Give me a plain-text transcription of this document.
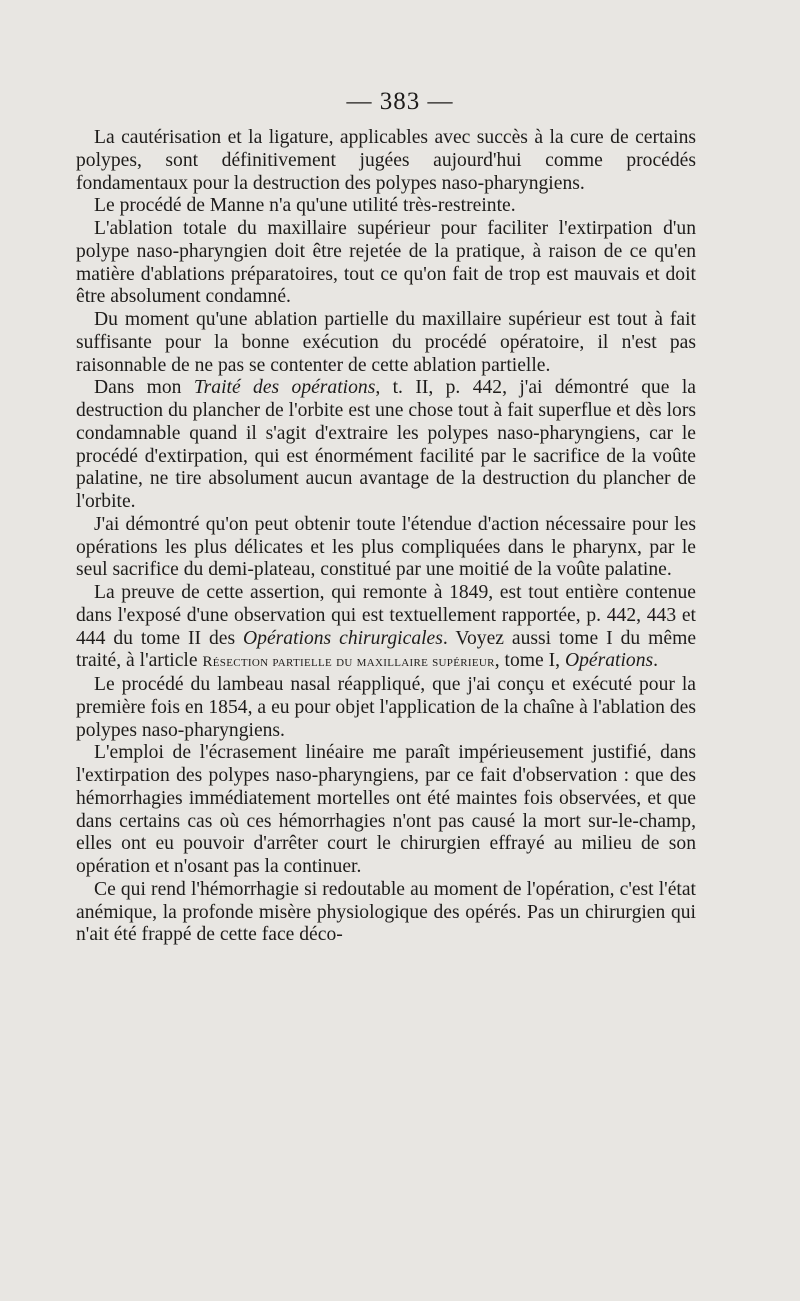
— 383 —

La cautérisation et la ligature, applicables avec succès à la cure de certains polypes, sont définitivement jugées aujourd'hui comme procédés fondamentaux pour la destruction des polypes naso-pharyngiens.

Le procédé de Manne n'a qu'une utilité très-restreinte.

L'ablation totale du maxillaire supérieur pour faciliter l'extirpation d'un polype naso-pharyngien doit être rejetée de la pratique, à raison de ce qu'en matière d'ablations préparatoires, tout ce qu'on fait de trop est mauvais et doit être absolument condamné.

Du moment qu'une ablation partielle du maxillaire supérieur est tout à fait suffisante pour la bonne exécution du procédé opératoire, il n'est pas raisonnable de ne pas se contenter de cette ablation partielle.

Dans mon Traité des opérations, t. II, p. 442, j'ai démontré que la destruction du plancher de l'orbite est une chose tout à fait superflue et dès lors condamnable quand il s'agit d'extraire les polypes naso-pharyngiens, car le procédé d'extirpation, qui est énormément facilité par le sacrifice de la voûte palatine, ne tire absolument aucun avantage de la destruction du plancher de l'orbite.

J'ai démontré qu'on peut obtenir toute l'étendue d'action nécessaire pour les opérations les plus délicates et les plus compliquées dans le pharynx, par le seul sacrifice du demi-plateau, constitué par une moitié de la voûte palatine.

La preuve de cette assertion, qui remonte à 1849, est tout entière contenue dans l'exposé d'une observation qui est textuellement rapportée, p. 442, 443 et 444 du tome II des Opérations chirurgicales. Voyez aussi tome I du même traité, à l'article Résection partielle du maxillaire supérieur, tome I, Opérations.

Le procédé du lambeau nasal réappliqué, que j'ai conçu et exécuté pour la première fois en 1854, a eu pour objet l'application de la chaîne à l'ablation des polypes naso-pharyngiens.

L'emploi de l'écrasement linéaire me paraît impérieusement justifié, dans l'extirpation des polypes naso-pharyngiens, par ce fait d'observation : que des hémorrhagies immédiatement mortelles ont été maintes fois observées, et que dans certains cas où ces hémorrhagies n'ont pas causé la mort sur-le-champ, elles ont eu pouvoir d'arrêter court le chirurgien effrayé au milieu de son opération et n'osant pas la continuer.

Ce qui rend l'hémorrhagie si redoutable au moment de l'opération, c'est l'état anémique, la profonde misère physiologique des opérés. Pas un chirurgien qui n'ait été frappé de cette face déco-
